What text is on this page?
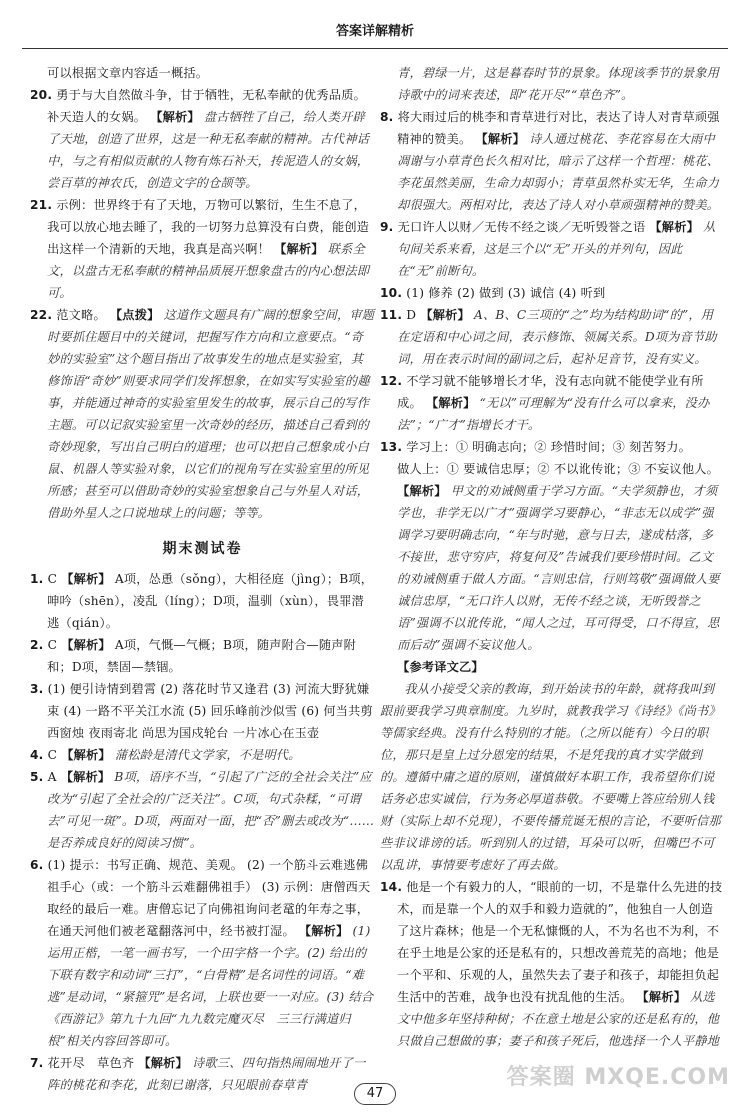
答案详解精析

可以根据文章内容适一概括。

20. 勇于与大自然做斗争，甘于牺牲，无私奉献的优秀品质。补天造人的女娲。 【解析】 盘古牺牲了自己，给人类开辟了天地，创造了世界，这是一种无私奉献的精神。古代神话中，与之有相似贡献的人物有炼石补天，抟泥造人的女娲，尝百草的神农氏，创造文字的仓颉等。

21. 示例：世界终于有了天地，万物可以繁衍，生生不息了，我可以放心地去睡了，我的一切努力总算没有白费，能创造出这样一个清新的天地，我真是高兴啊！ 【解析】 联系全文，以盘古无私奉献的精神品质展开想象盘古的内心想法即可。

22. 范文略。 【点拨】 这道作文题具有广阔的想象空间，审题时要抓住题目中的关键词，把握写作方向和立意要点。“奇妙的实验室”这个题目指出了故事发生的地点是实验室，其修饰语“奇妙”则要求同学们发挥想象，在如实写实验室的趣事，并能通过神奇的实验室里发生的故事，展示自己的写作主题。可以记叙实验室里一次奇妙的经历，描述自己看到的奇妙现象，写出自己明白的道理；也可以把自己想象成小白鼠、机器人等实验对象，以它们的视角写在实验室里的所见所感；甚至可以借助奇妙的实验室想象自己与外星人对话，借助外星人之口说地球上的问题；等等。

期末测试卷

1. C 【解析】 A项，怂恿（sǒng），大相径庭（jìng）；B项，呻吟（shēn），凌乱（líng）；D项，温驯（xùn），畏罪潜逃（qián）。

2. C 【解析】 A项，气慨—气概；B项，随声附合—随声附和；D项，禁固—禁锢。

3. (1) 便引诗情到碧霄 (2) 落花时节又逢君 (3) 河流大野犹嫌束 (4) 一路不平关江水流 (5) 回乐峰前沙似雪 (6) 何当共剪西窗烛 夜雨寄北 尚思为国戍轮台 一片冰心在玉壶

4. C 【解析】 蒲松龄是清代文学家，不是明代。

5. A 【解析】 B项，语序不当，“引起了广泛的全社会关注”应改为“引起了全社会的广泛关注”。C项，句式杂糅，“可谓去”可见一斑”。D项，两面对一面，把“否”删去或改为“……是否养成良好的阅读习惯”。

6. (1) 提示：书写正确、规范、美观。 (2) 一个筋斗云难逃佛祖手心（或：一个筋斗云难翻佛祖手） (3) 示例：唐僧西天取经的最后一难。唐僧忘记了向佛祖询问老鼋的年寿之事，在通天河他们被老鼋翻落河中，经书被打湿。 【解析】 (1) 运用正楷，一笔一画书写，一个田字格一个字。(2) 给出的下联有数字和动词“三打”，“白骨精”是名词性的词语。“难逃”是动词，“紧箍咒”是名词，上联也要一一对应。(3) 结合《西游记》第九十九回“九九数完魔灭尽　三三行满道归根”相关内容回答即可。

7. 花开尽　草色齐 【解析】 诗歌三、四句指热闹闹地开了一阵的桃花和李花，此刻已谢落，只见眼前春草青

青，碧绿一片，这是暮春时节的景象。体现该季节的景象用诗歌中的词来表述，即“花开尽”“草色齐”。

8. 将大雨过后的桃李和青草进行对比，表达了诗人对青草顽强精神的赞美。 【解析】 诗人通过桃花、李花容易在大雨中凋谢与小草青色长久相对比，暗示了这样一个哲理：桃花、李花虽然美丽，生命力却弱小；青草虽然朴实无华，生命力却很强大。两相对比，表达了诗人对小草顽强精神的赞美。

9. 无口许人以财／无传不经之谈／无听毁誉之语 【解析】 从句间关系来看，这是三个以“无”开头的并列句，因此在“无”前断句。

10. (1) 修养 (2) 做到 (3) 诚信 (4) 听到

11. D 【解析】 A、B、C三项的“之”均为结构助词“的”，用在定语和中心词之间，表示修饰、领属关系。D项为音节助词，用在表示时间的副词之后，起补足音节，没有实义。

12. 不学习就不能够增长才华，没有志向就不能使学业有所成。 【解析】 “无以”可理解为“没有什么可以拿来，没办法”；“广才”指增长才干。

13. 学习上：① 明确志向；② 珍惜时间；③ 刻苦努力。

做人上：① 要诚信忠厚；② 不以讹传讹；③ 不妄议他人。 【解析】 甲文的劝诫侧重于学习方面。“夫学须静也，才须学也，非学无以广才”强调学习要静心，“非志无以成学”强调学习要明确志向，“年与时驰，意与日去，遂成枯落，多不接世，悲守穷庐，将复何及”告诫我们要珍惜时间。乙文的劝诫侧重于做人方面。“言则忠信，行则笃敬”强调做人要诚信忠厚，“无口许人以财，无传不经之谈，无听毁誉之语”强调不以讹传讹，“闻人之过，耳可得受，口不得宣，思而后动”强调不妄议他人。

【参考译文乙】

我从小接受父亲的教诲，到开始读书的年龄，就将我叫到跟前要我学习典章制度。九岁时，就教我学习《诗经》《尚书》等儒家经典。没有什么特别的才能。（之所以能有）今日的职位，那只是皇上过分恩宠的结果，不是凭我的真才实学做到的。遵循中庸之道的原则，谨慎做好本职工作，我希望你们说话务必忠实诚信，行为务必厚道恭敬。不要嘴上答应给别人钱财（实际上却不兑现），不要传播荒诞无根的言论，不要听信那些非议诽谤的话。听到别人的过错，耳朵可以听，但嘴巴不可以乱讲，事情要考虑好了再去做。

14. 他是一个有毅力的人，“眼前的一切，不是靠什么先进的技术，而是靠一个人的双手和毅力造就的”，他独自一人创造了这片森林；他是一个无私慷慨的人，不为名也不为利，不在乎土地是公家的还是私有的，只想改善荒芜的高地；他是一个平和、乐观的人，虽然失去了妻子和孩子，却能担负起生活中的苦难，战争也没有扰乱他的生活。 【解析】 从选文中他多年坚持种树；不在意土地是公家的还是私有的，他只做自己想做的事；妻子和孩子死后，他选择一个人平静地

47
答案圈 MXQE.COM
